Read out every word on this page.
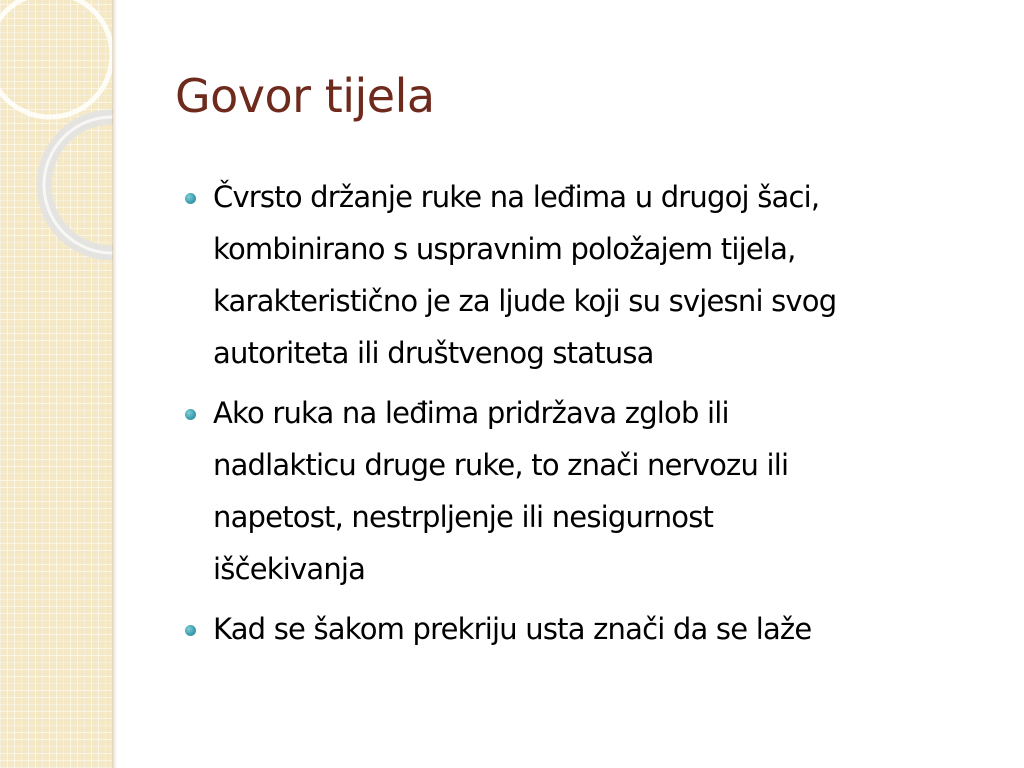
Govor tijela
Čvrsto držanje ruke na leđima u drugoj šaci,
kombinirano s uspravnim položajem tijela,
karakteristično je za ljude koji su svjesni svog
autoriteta ili društvenog statusa
Ako ruka na leđima pridržava zglob ili
nadlakticu druge ruke, to znači nervozu ili
napetost, nestrpljenje ili nesigurnost
iščekivanja
Kad se šakom prekriju usta znači da se laže
